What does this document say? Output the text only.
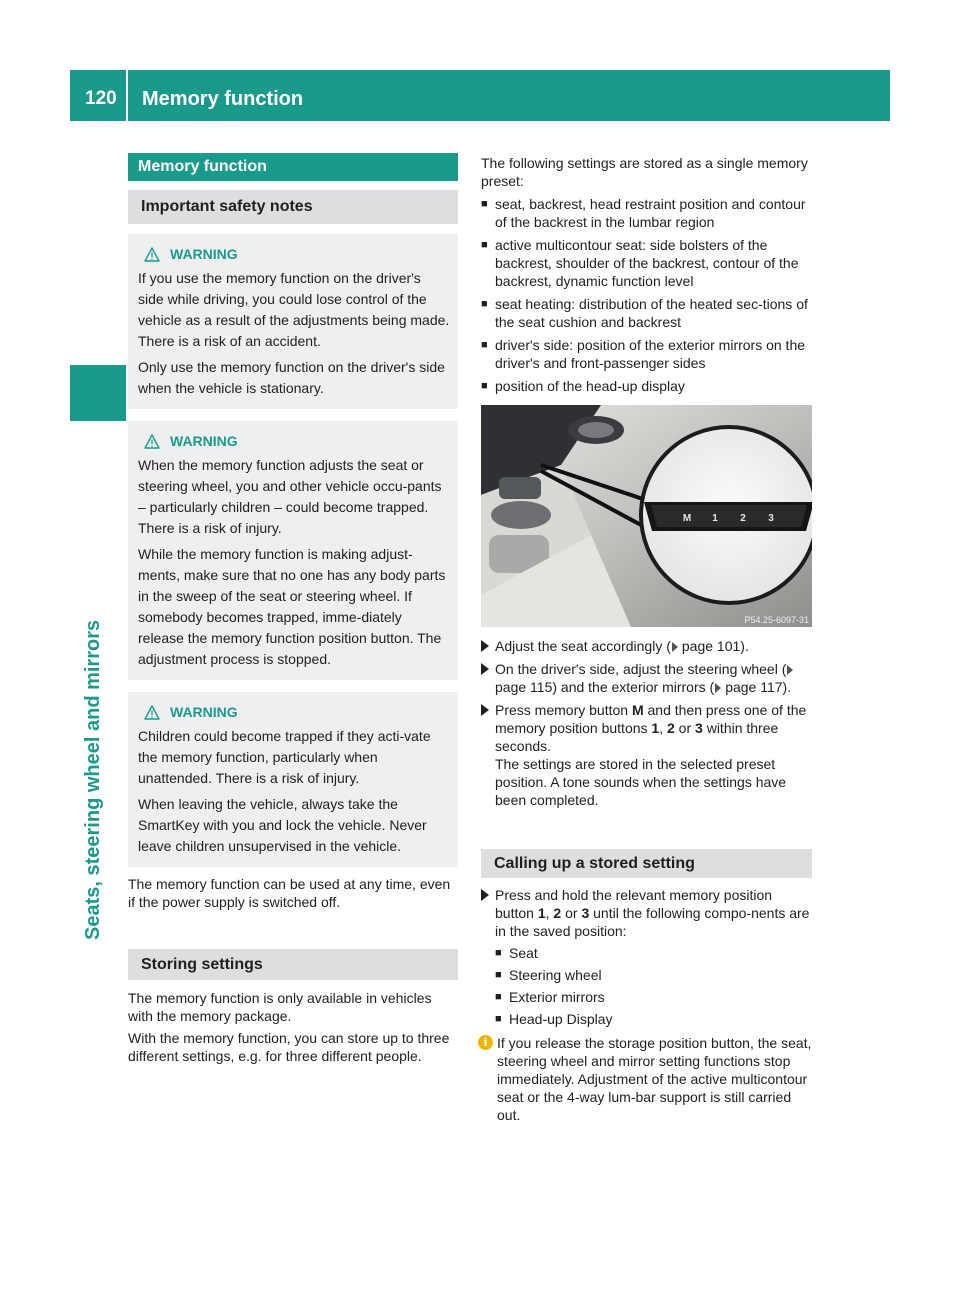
120 Memory function
Seats, steering wheel and mirrors
Memory function
Important safety notes
WARNING

If you use the memory function on the driver's side while driving, you could lose control of the vehicle as a result of the adjustments being made. There is a risk of an accident.

Only use the memory function on the driver's side when the vehicle is stationary.

WARNING

When the memory function adjusts the seat or steering wheel, you and other vehicle occu-pants – particularly children – could become trapped. There is a risk of injury.

While the memory function is making adjust-ments, make sure that no one has any body parts in the sweep of the seat or steering wheel. If somebody becomes trapped, imme-diately release the memory function position button. The adjustment process is stopped.

WARNING

Children could become trapped if they acti-vate the memory function, particularly when unattended. There is a risk of injury.

When leaving the vehicle, always take the SmartKey with you and lock the vehicle. Never leave children unsupervised in the vehicle.

The memory function can be used at any time, even if the power supply is switched off.

Storing settings

The memory function is only available in vehicles with the memory package.

With the memory function, you can store up to three different settings, e.g. for three different people.

The following settings are stored as a single memory preset:

■ seat, backrest, head restraint position and contour of the backrest in the lumbar region
■ active multicontour seat: side bolsters of the backrest, shoulder of the backrest, contour of the backrest, dynamic function level
■ seat heating: distribution of the heated sec-tions of the seat cushion and backrest
■ driver's side: position of the exterior mirrors on the driver's and front-passenger sides
■ position of the head-up display
M 1 2 3
P54.25-6097-31
Adjust the seat accordingly ( page 101).
On the driver's side, adjust the steering wheel (page 115) and the exterior mirrors ( page 117).
Press memory button M and then press one of the memory position buttons 1, 2 or 3 within three seconds.
The settings are stored in the selected preset position. A tone sounds when the settings have been completed.
Calling up a stored setting
Press and hold the relevant memory position button 1, 2 or 3 until the following compo-nents are in the saved position:
■ Seat
■ Steering wheel
■ Exterior mirrors
■ Head-up Display
i If you release the storage position button, the seat, steering wheel and mirror setting functions stop immediately. Adjustment of the active multicontour seat or the 4-way lum-bar support is still carried out.
